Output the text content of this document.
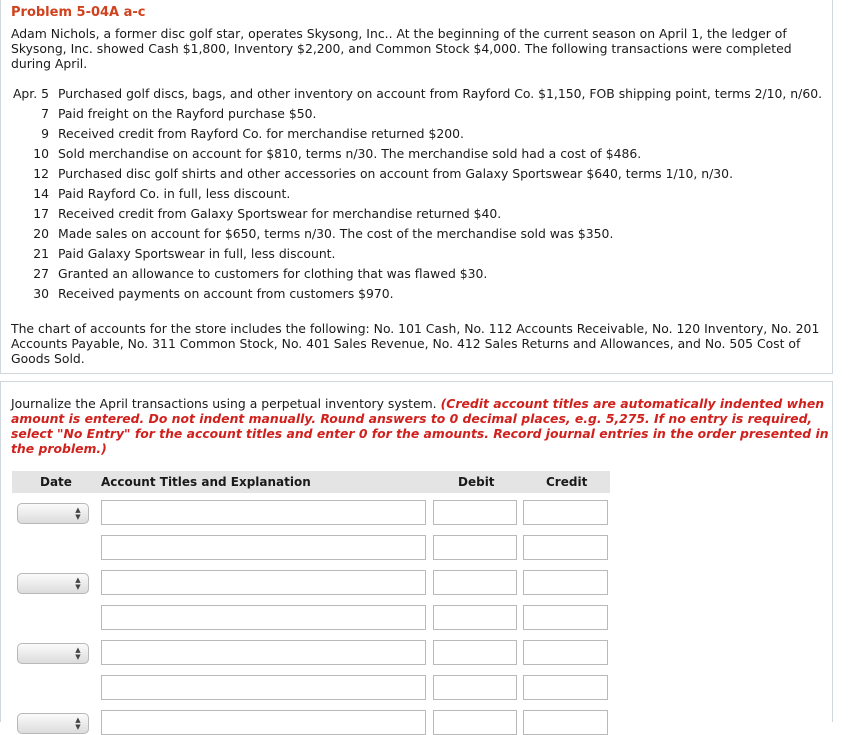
Problem 5-04A a-c
Adam Nichols, a former disc golf star, operates Skysong, Inc.. At the beginning of the current season on April 1, the ledger of Skysong, Inc. showed Cash $1,800, Inventory $2,200, and Common Stock $4,000. The following transactions were completed during April.
Apr. 5 Purchased golf discs, bags, and other inventory on account from Rayford Co. $1,150, FOB shipping point, terms 2/10, n/60.
7 Paid freight on the Rayford purchase $50.
9 Received credit from Rayford Co. for merchandise returned $200.
10 Sold merchandise on account for $810, terms n/30. The merchandise sold had a cost of $486.
12 Purchased disc golf shirts and other accessories on account from Galaxy Sportswear $640, terms 1/10, n/30.
14 Paid Rayford Co. in full, less discount.
17 Received credit from Galaxy Sportswear for merchandise returned $40.
20 Made sales on account for $650, terms n/30. The cost of the merchandise sold was $350.
21 Paid Galaxy Sportswear in full, less discount.
27 Granted an allowance to customers for clothing that was flawed $30.
30 Received payments on account from customers $970.
The chart of accounts for the store includes the following: No. 101 Cash, No. 112 Accounts Receivable, No. 120 Inventory, No. 201 Accounts Payable, No. 311 Common Stock, No. 401 Sales Revenue, No. 412 Sales Returns and Allowances, and No. 505 Cost of Goods Sold.
Journalize the April transactions using a perpetual inventory system. (Credit account titles are automatically indented when amount is entered. Do not indent manually. Round answers to 0 decimal places, e.g. 5,275. If no entry is required, select "No Entry" for the account titles and enter 0 for the amounts. Record journal entries in the order presented in the problem.)
Date Account Titles and Explanation	Debit	Credit
▲
▼
▲
▼
▲
▼
▲
▼
